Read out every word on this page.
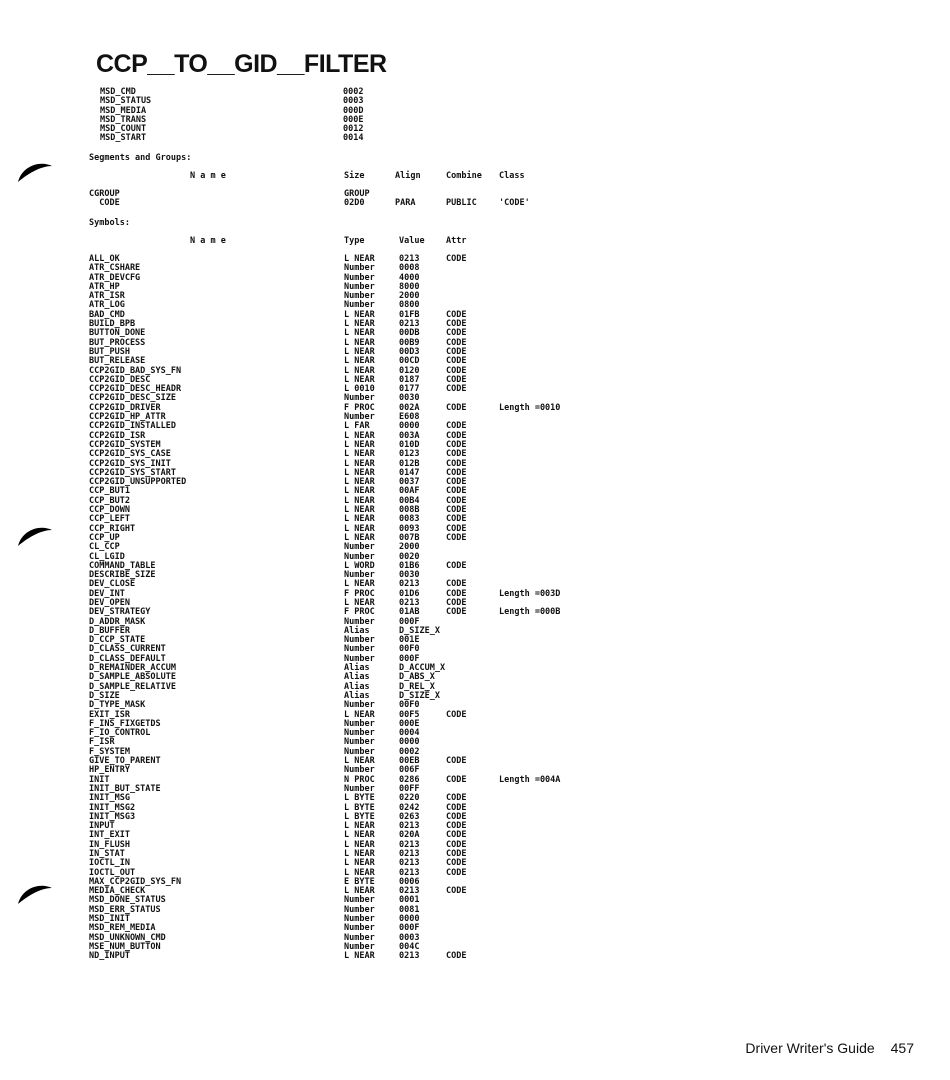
CCP__TO__GID__FILTER
MSD_CMD	0002
MSD_STATUS	0003
MSD_MEDIA	000D
MSD_TRANS	000E
MSD_COUNT	0012
MSD_START	0014
Segments and Groups:
N a m e	Size	Align	Combine Class
CGROUP	GROUP
CODE	02D0	PARA	PUBLIC	'CODE'
Symbols:
N a m e	Type	Value	Attr
ALL_OK	L NEAR	0213	CODE
ATR_CSHARE	Number	0008
ATR_DEVCFG	Number	4000
ATR_HP	Number	8000
ATR_ISR	Number	2000
ATR_LOG	Number	0800
BAD_CMD	L NEAR	01FB	CODE
BUILD_BPB	L NEAR	0213	CODE
BUTTON_DONE	L NEAR	00DB	CODE
BUT_PROCESS	L NEAR	00B9	CODE
BUT_PUSH	L NEAR	00D3	CODE
BUT_RELEASE	L NEAR	00CD	CODE
CCP2GID_BAD_SYS_FN	L NEAR	0120	CODE
CCP2GID_DESC	L NEAR	0187	CODE
CCP2GID_DESC_HEADR	L 0010	0177	CODE
CCP2GID_DESC_SIZE	Number	0030
CCP2GID_DRIVER	F PROC	002A	CODE	Length =0010
CCP2GID_HP_ATTR	Number	E608
CCP2GID_INSTALLED	L FAR	0000	CODE
CCP2GID_ISR	L NEAR	003A	CODE
CCP2GID_SYSTEM	L NEAR	010D	CODE
CCP2GID_SYS_CASE	L NEAR	0123	CODE
CCP2GID_SYS_INIT	L NEAR	012B	CODE
CCP2GID_SYS_START	L NEAR	0147	CODE
CCP2GID_UNSUPPORTED	L NEAR	0037	CODE
CCP_BUT1	L NEAR	00AF	CODE
CCP_BUT2	L NEAR	00B4	CODE
CCP_DOWN	L NEAR	008B	CODE
CCP_LEFT	L NEAR	0083	CODE
CCP_RIGHT	L NEAR	0093	CODE
CCP_UP	L NEAR	007B	CODE
CL_CCP	Number	2000
CL_LGID	Number	0020
COMMAND_TABLE	L WORD	01B6	CODE
DESCRIBE_SIZE	Number	0030
DEV_CLOSE	L NEAR	0213	CODE
DEV_INT	F PROC	01D6	CODE	Length =003D
DEV_OPEN	L NEAR	0213	CODE
DEV_STRATEGY	F PROC	01AB	CODE	Length =000B
D_ADDR_MASK	Number	000F
D_BUFFER	Alias	D_SIZE_X
D_CCP_STATE	Number	001E
D_CLASS_CURRENT	Number	00F0
D_CLASS_DEFAULT	Number	000F
D_REMAINDER_ACCUM	Alias	D_ACCUM_X
D_SAMPLE_ABSOLUTE	Alias	D_ABS_X
D_SAMPLE_RELATIVE	Alias	D_REL_X
D_SIZE	Alias	D_SIZE_X
D_TYPE_MASK	Number	00F0
EXIT_ISR	L NEAR	00F5	CODE
F_INS_FIXGETDS	Number	000E
F_IO_CONTROL	Number	0004
F_ISR	Number	0000
F_SYSTEM	Number	0002
GIVE_TO_PARENT	L NEAR	00EB	CODE
HP_ENTRY	Number	006F
INIT	N PROC	0286	CODE	Length =004A
INIT_BUT_STATE	Number	00FF
INIT_MSG	L BYTE	0220	CODE
INIT_MSG2	L BYTE	0242	CODE
INIT_MSG3	L BYTE	0263	CODE
INPUT	L NEAR	0213	CODE
INT_EXIT	L NEAR	020A	CODE
IN_FLUSH	L NEAR	0213	CODE
IN_STAT	L NEAR	0213	CODE
IOCTL_IN	L NEAR	0213	CODE
IOCTL_OUT	L NEAR	0213	CODE
MAX_CCP2GID_SYS_FN	E BYTE	0006
MEDIA_CHECK	L NEAR	0213	CODE
MSD_DONE_STATUS	Number	0001
MSD_ERR_STATUS	Number	0081
MSD_INIT	Number	0000
MSD_REM_MEDIA	Number	000F
MSD_UNKNOWN_CMD	Number	0003
MSE_NUM_BUTTON	Number	004C
ND_INPUT	L NEAR	0213	CODE
Driver Writer's Guide 457
